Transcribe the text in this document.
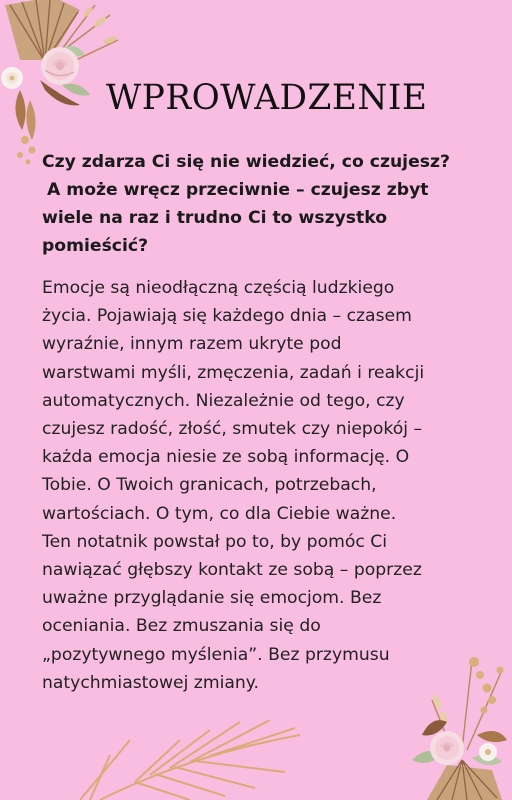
WPROWADZENIE
Czy zdarza Ci się nie wiedzieć, co czujesz?
A może wręcz przeciwnie – czujesz zbyt
wiele na raz i trudno Ci to wszystko
pomieścić?
Emocje są nieodłączną częścią ludzkiego
życia. Pojawiają się każdego dnia – czasem
wyraźnie, innym razem ukryte pod
warstwami myśli, zmęczenia, zadań i reakcji
automatycznych. Niezależnie od tego, czy
czujesz radość, złość, smutek czy niepokój –
każda emocja niesie ze sobą informację. O
Tobie. O Twoich granicach, potrzebach,
wartościach. O tym, co dla Ciebie ważne.
Ten notatnik powstał po to, by pomóc Ci
nawiązać głębszy kontakt ze sobą – poprzez
uważne przyglądanie się emocjom. Bez
oceniania. Bez zmuszania się do
„pozytywnego myślenia”. Bez przymusu
natychmiastowej zmiany.
